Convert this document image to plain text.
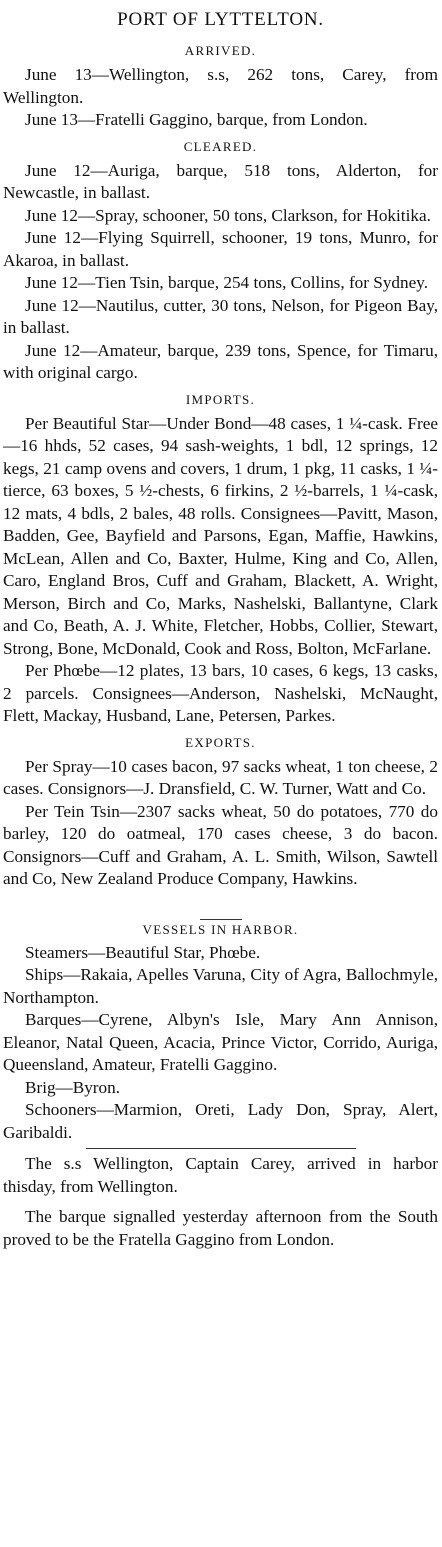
PORT OF LYTTELTON.
ARRIVED.

June 13—Wellington, s.s, 262 tons, Carey, from Wellington.

June 13—Fratelli Gaggino, barque, from London.

CLEARED.

June 12—Auriga, barque, 518 tons, Alderton, for Newcastle, in ballast.

June 12—Spray, schooner, 50 tons, Clarkson, for Hokitika.

June 12—Flying Squirrell, schooner, 19 tons, Munro, for Akaroa, in ballast.

June 12—Tien Tsin, barque, 254 tons, Collins, for Sydney.

June 12—Nautilus, cutter, 30 tons, Nelson, for Pigeon Bay, in ballast.

June 12—Amateur, barque, 239 tons, Spence, for Timaru, with original cargo.

IMPORTS.

Per Beautiful Star—Under Bond—48 cases, 1 ¼-cask. Free—16 hhds, 52 cases, 94 sash-weights, 1 bdl, 12 springs, 12 kegs, 21 camp ovens and covers, 1 drum, 1 pkg, 11 casks, 1 ¼-tierce, 63 boxes, 5 ½-chests, 6 firkins, 2 ½-barrels, 1 ¼-cask, 12 mats, 4 bdls, 2 bales, 48 rolls. Consignees—Pavitt, Mason, Badden, Gee, Bayfield and Parsons, Egan, Maffie, Hawkins, McLean, Allen and Co, Baxter, Hulme, King and Co, Allen, Caro, England Bros, Cuff and Graham, Blackett, A. Wright, Merson, Birch and Co, Marks, Nashelski, Ballantyne, Clark and Co, Beath, A. J. White, Fletcher, Hobbs, Collier, Stewart, Strong, Bone, McDonald, Cook and Ross, Bolton, McFarlane.

Per Phœbe—12 plates, 13 bars, 10 cases, 6 kegs, 13 casks, 2 parcels. Consignees—Anderson, Nashelski, McNaught, Flett, Mackay, Husband, Lane, Petersen, Parkes.

EXPORTS.

Per Spray—10 cases bacon, 97 sacks wheat, 1 ton cheese, 2 cases. Consignors—J. Dransfield, C. W. Turner, Watt and Co.

Per Tein Tsin—2307 sacks wheat, 50 do potatoes, 770 do barley, 120 do oatmeal, 170 cases cheese, 3 do bacon. Consignors—Cuff and Graham, A. L. Smith, Wilson, Sawtell and Co, New Zealand Produce Company, Hawkins.

VESSELS IN HARBOR.

Steamers—Beautiful Star, Phœbe.

Ships—Rakaia, Apelles Varuna, City of Agra, Ballochmyle, Northampton.

Barques—Cyrene, Albyn's Isle, Mary Ann Annison, Eleanor, Natal Queen, Acacia, Prince Victor, Corrido, Auriga, Queensland, Amateur, Fratelli Gaggino.

Brig—Byron.

Schooners—Marmion, Oreti, Lady Don, Spray, Alert, Garibaldi.

The s.s Wellington, Captain Carey, arrived in harbor thisday, from Wellington.

The barque signalled yesterday afternoon from the South proved to be the Fratella Gaggino from London.
